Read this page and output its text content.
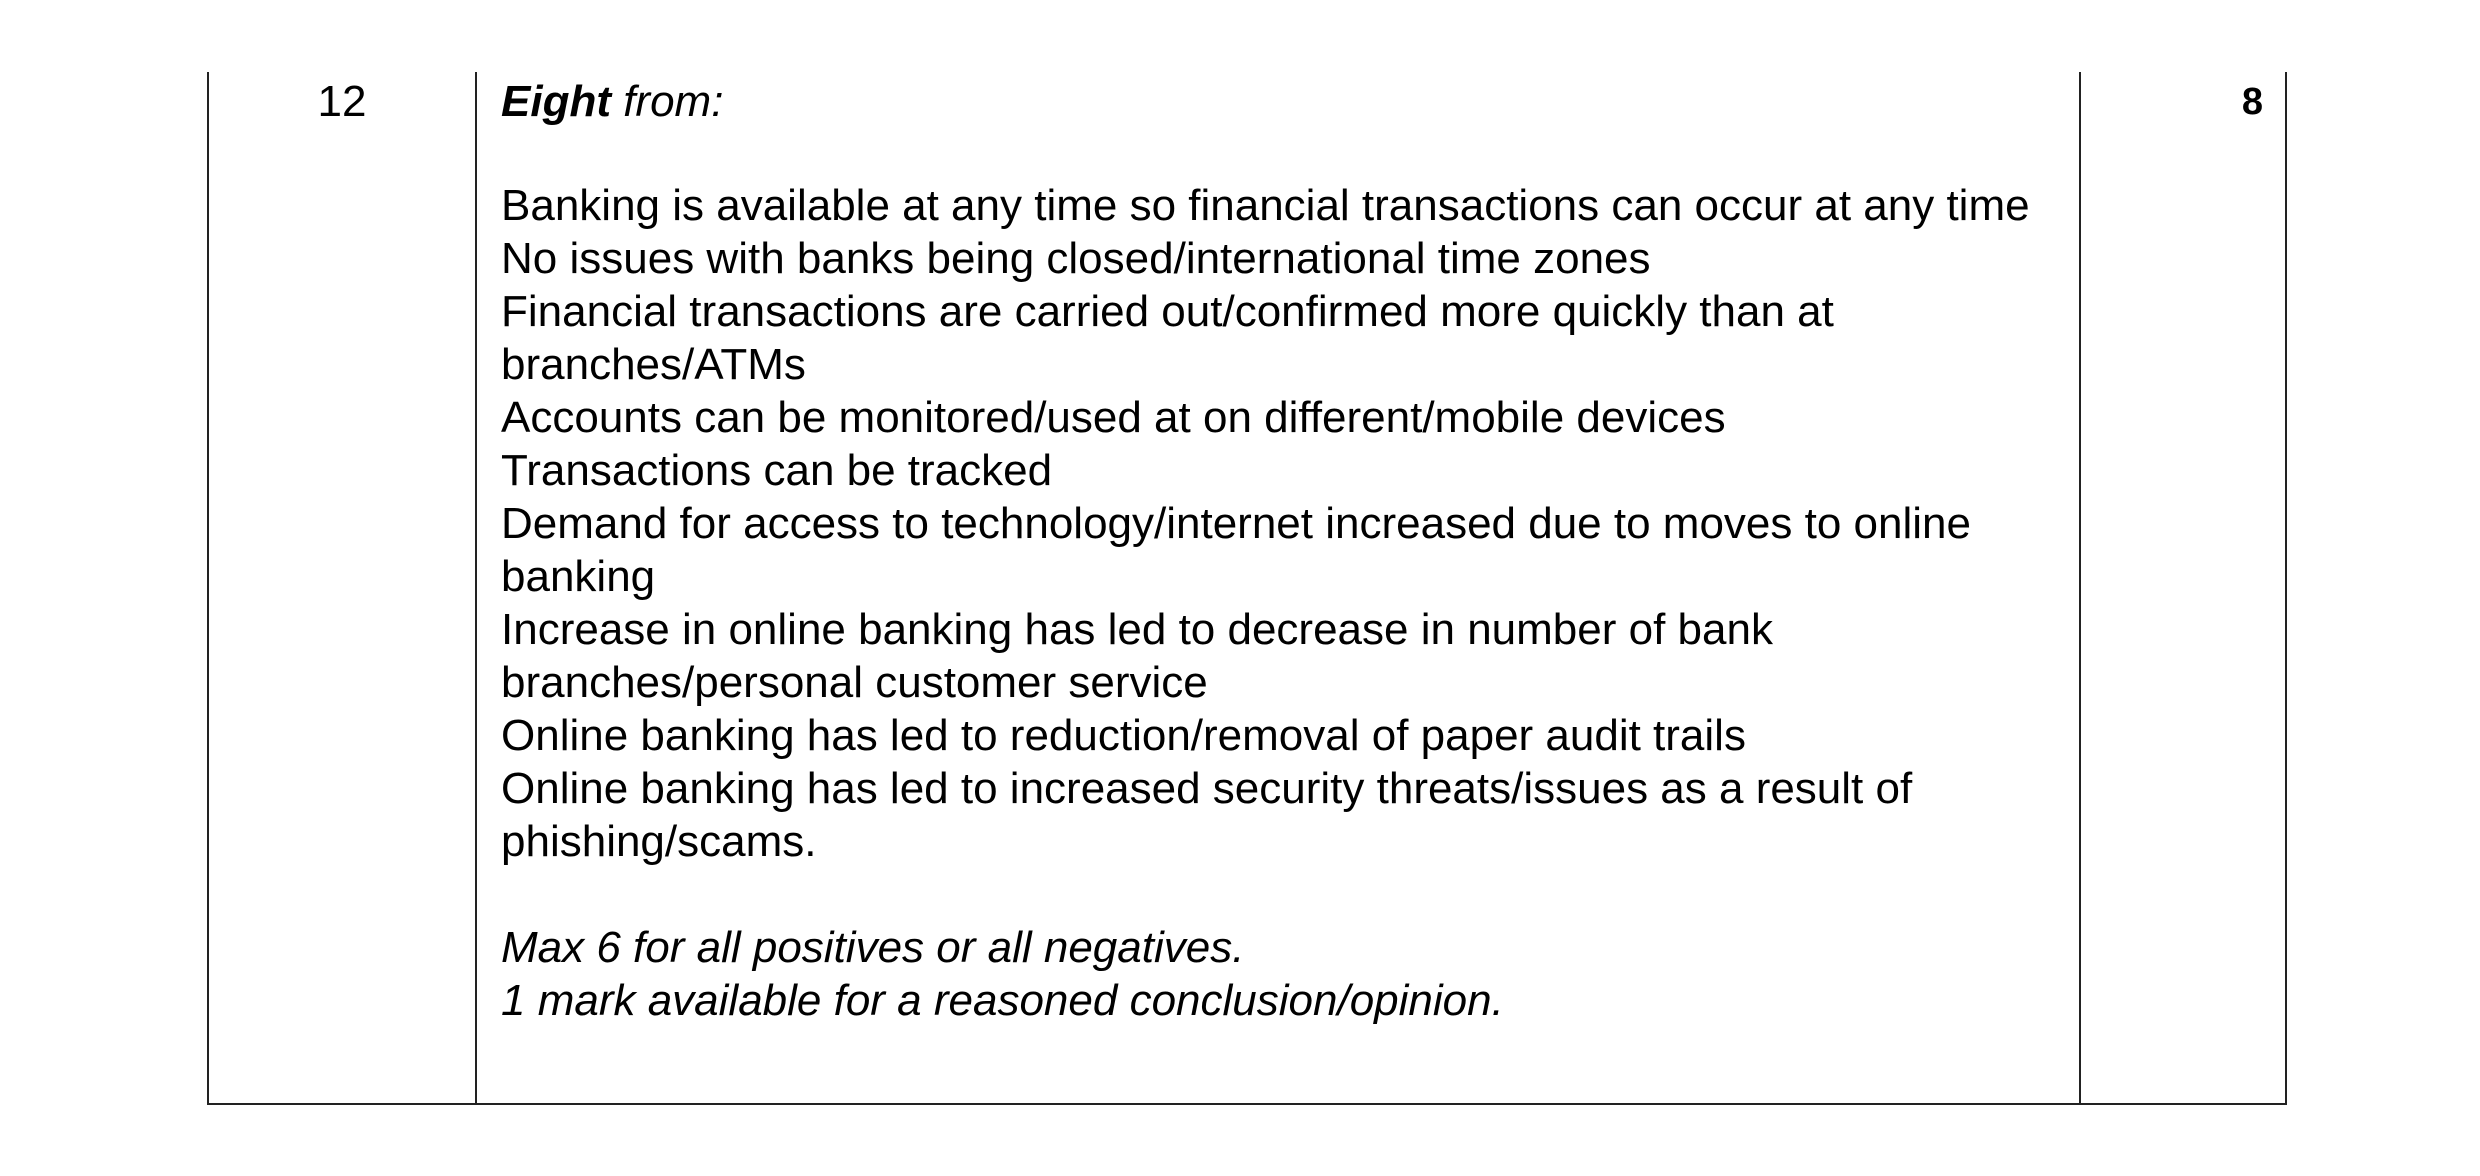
12	Eight from:

Banking is available at any time so financial transactions can occur at any time
No issues with banks being closed/international time zones
Financial transactions are carried out/confirmed more quickly than at branches/ATMs
Accounts can be monitored/used at on different/mobile devices
Transactions can be tracked
Demand for access to technology/internet increased due to moves to online banking
Increase in online banking has led to decrease in number of bank branches/personal customer service
Online banking has led to reduction/removal of paper audit trails
Online banking has led to increased security threats/issues as a result of phishing/scams.
Max 6 for all positives or all negatives.
1 mark available for a reasoned conclusion/opinion.
8
